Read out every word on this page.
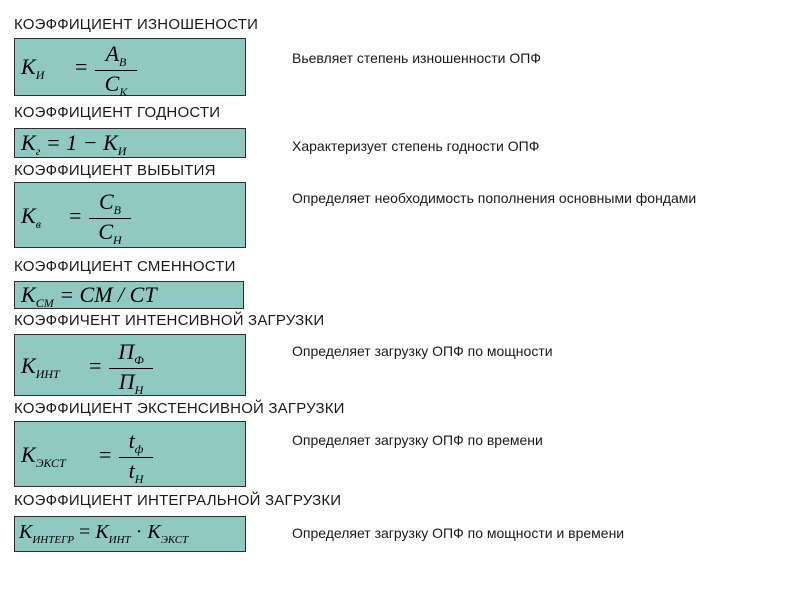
КОЭФФИЦИЕНТ ИЗНОШЕНОСТИ
$K_И$ =
$A_B$
$C_K$
Вьевляет степень изношенности ОПФ
КОЭФФИЦИЕНТ ГОДНОСТИ
$K_г = 1 - K_И$	Характеризует степень годности ОПФ
КОЭФФИЦИЕНТ ВЫБЫТИЯ
$K_в$ =
$C_B$
$C_Н$
Определяет необходимость пополнения основными фондами
КОЭФФИЦИЕНТ СМЕННОСТИ
$K_{СМ}$ = CM / CT
КОЭФФИЧЕНТ ИНТЕНСИВНОЙ ЗАГРУЗКИ
$K_{ИНТ}$ =
$П_Ф$
$П_Н$
Определяет загрузку ОПФ по мощности
КОЭФФИЦИЕНТ ЭКСТЕНСИВНОЙ ЗАГРУЗКИ
$K_{ЭКСТ}$ =
$t_ф$
$t_Н$
Определяет загрузку ОПФ по времени
КОЭФФИЦИЕНТ ИНТЕГРАЛЬНОЙ ЗАГРУЗКИ
$K_{ИНТЕГР} = K_{ИНТ} \cdot K_{ЭКСТ}$	Определяет загрузку ОПФ по мощности и времени
